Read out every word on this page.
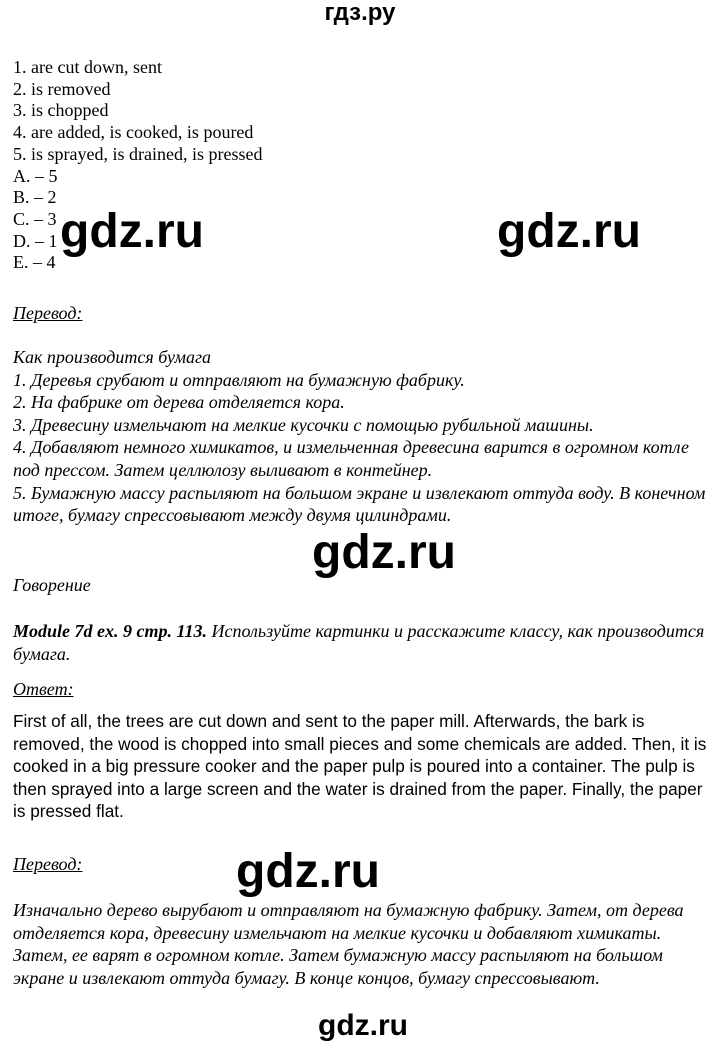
гдз.ру
1. are cut down, sent
2. is removed
3. is chopped
4. are added, is cooked, is poured
5. is sprayed, is drained, is pressed
A. – 5
B. – 2
C. – 3
D. – 1
E. – 4
gdz.ru	gdz.ru
Перевод:

Как производится бумага

1. Деревья срубают и отправляют на бумажную фабрику.

2. На фабрике от дерева отделяется кора.

3. Древесину измельчают на мелкие кусочки с помощью рубильной машины.

4. Добавляют немного химикатов, и измельченная древесина варится в огромном котле под прессом. Затем целлюлозу выливают в контейнер.

5. Бумажную массу распыляют на большом экране и извлекают оттуда воду. В конечном итоге, бумагу спрессовывают между двумя цилиндрами.

gdz.ru
Говорение

Module 7d ex. 9 стр. 113. Используйте картинки и расскажите классу, как производится бумага.

Ответ:

First of all, the trees are cut down and sent to the paper mill. Afterwards, the bark is removed, the wood is chopped into small pieces and some chemicals are added. Then, it is cooked in a big pressure cooker and the paper pulp is poured into a container. The pulp is then sprayed into a large screen and the water is drained from the paper. Finally, the paper is pressed flat.

Перевод:	gdz.ru

Изначально дерево вырубают и отправляют на бумажную фабрику. Затем, от дерева отделяется кора, древесину измельчают на мелкие кусочки и добавляют химикаты. Затем, ее варят в огромном котле. Затем бумажную массу распыляют на большом экране и извлекают оттуда бумагу. В конце концов, бумагу спрессовывают.

gdz.ru
